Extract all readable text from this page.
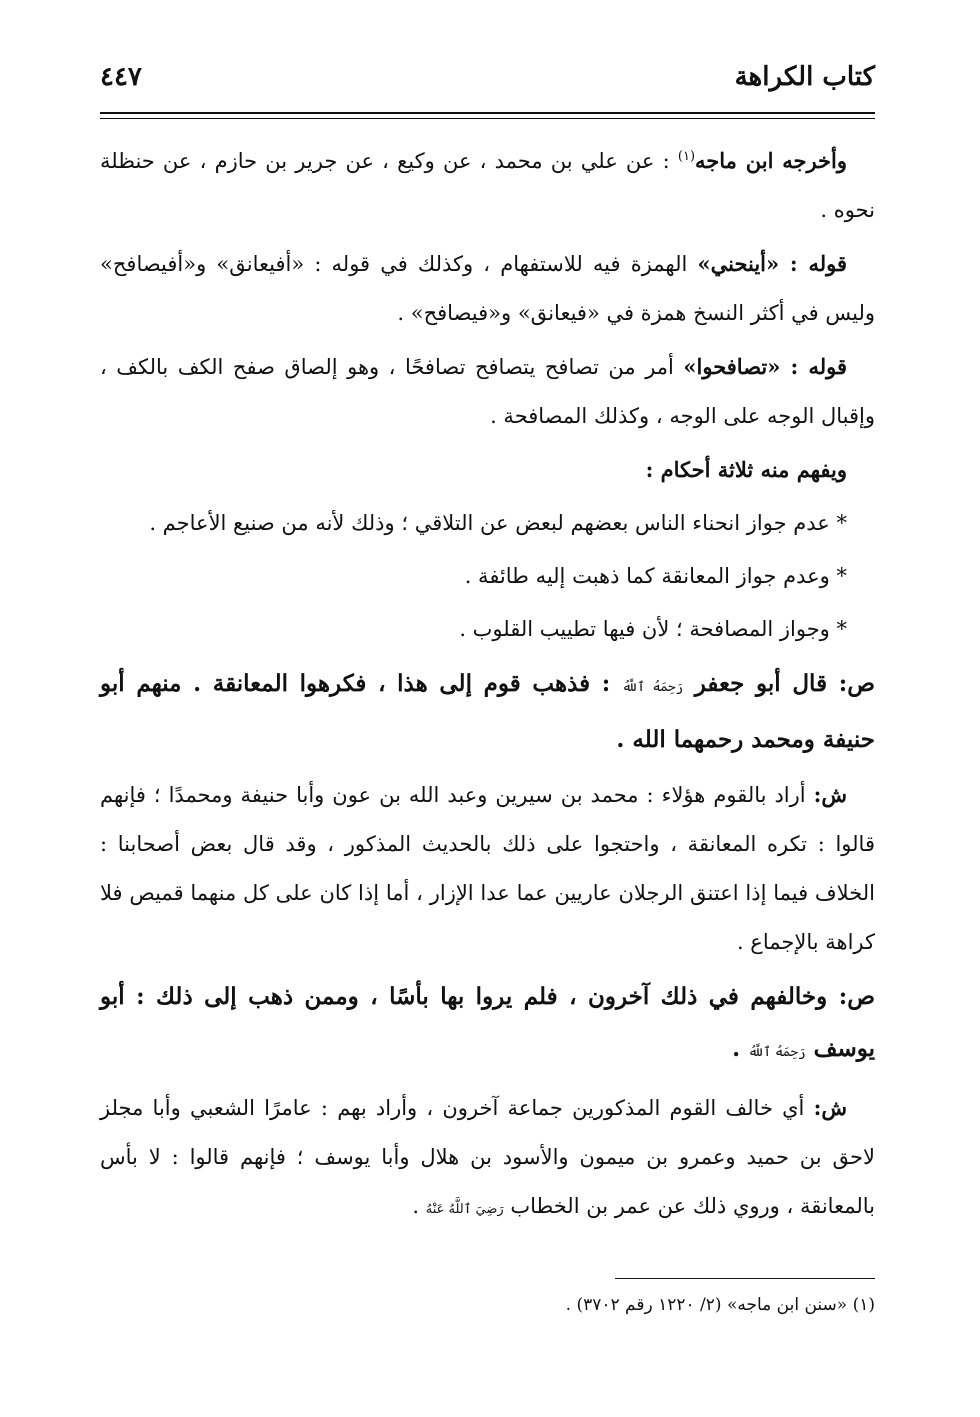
كتاب الكراهة
٤٤٧

وأخرجه ابن ماجه$^{(١)}$ : عن علي بن محمد ، عن وكيع ، عن جرير بن حازم ، عن حنظلة نحوه .

قوله : «أينحني» الهمزة فيه للاستفهام ، وكذلك في قوله : «أفيعانق» و«أفيصافح» وليس في أكثر النسخ همزة في «فيعانق» و«فيصافح» .

قوله : «تصافحوا» أمر من تصافح يتصافح تصافحًا ، وهو إلصاق صفح الكف بالكف ، وإقبال الوجه على الوجه ، وكذلك المصافحة .

ويفهم منه ثلاثة أحكام :

* عدم جواز انحناء الناس بعضهم لبعض عن التلاقي ؛ وذلك لأنه من صنيع الأعاجم .

* وعدم جواز المعانقة كما ذهبت إليه طائفة .

* وجواز المصافحة ؛ لأن فيها تطييب القلوب .

ص: قال أبو جعفر رَحِمَهُ ٱللَّهُ : فذهب قوم إلى هذا ، فكرهوا المعانقة . منهم أبو حنيفة ومحمد رحمهما الله .

ش: أراد بالقوم هؤلاء : محمد بن سيرين وعبد الله بن عون وأبا حنيفة ومحمدًا ؛ فإنهم قالوا : تكره المعانقة ، واحتجوا على ذلك بالحديث المذكور ، وقد قال بعض أصحابنا : الخلاف فيما إذا اعتنق الرجلان عاريين عما عدا الإزار ، أما إذا كان على كل منهما قميص فلا كراهة بالإجماع .

ص: وخالفهم في ذلك آخرون ، فلم يروا بها بأسًا ، وممن ذهب إلى ذلك : أبو يوسف رَحِمَهُ ٱللَّهُ .

ش: أي خالف القوم المذكورين جماعة آخرون ، وأراد بهم : عامرًا الشعبي وأبا مجلز لاحق بن حميد وعمرو بن ميمون والأسود بن هلال وأبا يوسف ؛ فإنهم قالوا : لا بأس بالمعانقة ، وروي ذلك عن عمر بن الخطاب رَضِيَ ٱللَّهُ عَنْهُ .

(١) «سنن ابن ماجه» (٢/ ١٢٢٠ رقم ٣٧٠٢) .
